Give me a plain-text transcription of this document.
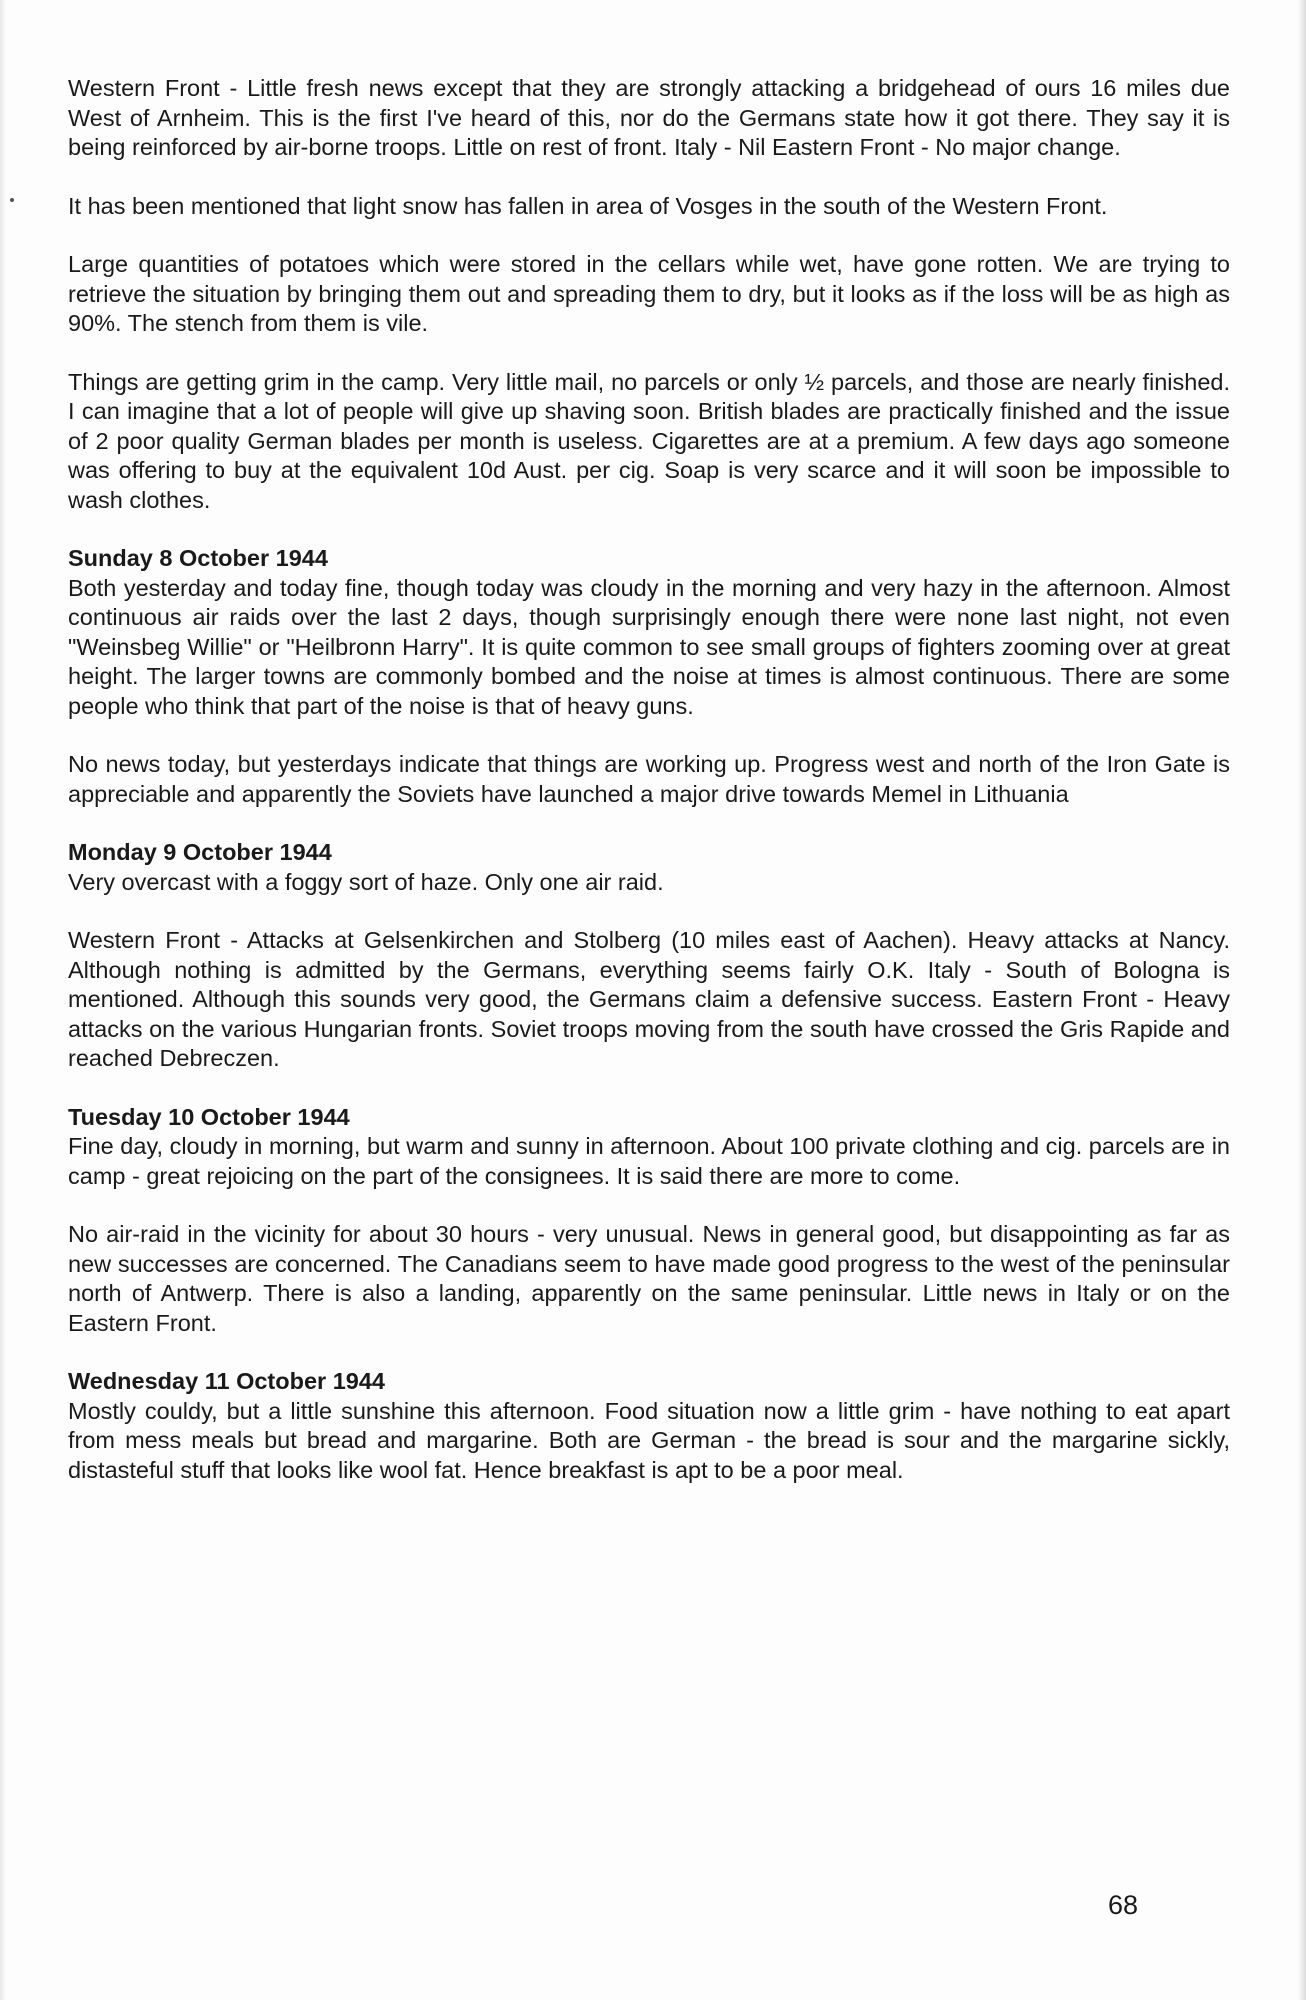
Western Front - Little fresh news except that they are strongly attacking a bridgehead of ours 16 miles due West of Arnheim. This is the first I've heard of this, nor do the Germans state how it got there. They say it is being reinforced by air-borne troops. Little on rest of front. Italy - Nil Eastern Front - No major change.

It has been mentioned that light snow has fallen in area of Vosges in the south of the Western Front.

Large quantities of potatoes which were stored in the cellars while wet, have gone rotten. We are trying to retrieve the situation by bringing them out and spreading them to dry, but it looks as if the loss will be as high as 90%. The stench from them is vile.

Things are getting grim in the camp. Very little mail, no parcels or only ½ parcels, and those are nearly finished. I can imagine that a lot of people will give up shaving soon. British blades are practically finished and the issue of 2 poor quality German blades per month is useless. Cigarettes are at a premium. A few days ago someone was offering to buy at the equivalent 10d Aust. per cig. Soap is very scarce and it will soon be impossible to wash clothes.

Sunday 8 October 1944

Both yesterday and today fine, though today was cloudy in the morning and very hazy in the afternoon. Almost continuous air raids over the last 2 days, though surprisingly enough there were none last night, not even "Weinsbeg Willie" or "Heilbronn Harry". It is quite common to see small groups of fighters zooming over at great height. The larger towns are commonly bombed and the noise at times is almost continuous. There are some people who think that part of the noise is that of heavy guns.

No news today, but yesterdays indicate that things are working up. Progress west and north of the Iron Gate is appreciable and apparently the Soviets have launched a major drive towards Memel in Lithuania

Monday 9 October 1944

Very overcast with a foggy sort of haze. Only one air raid.

Western Front - Attacks at Gelsenkirchen and Stolberg (10 miles east of Aachen). Heavy attacks at Nancy. Although nothing is admitted by the Germans, everything seems fairly O.K. Italy - South of Bologna is mentioned. Although this sounds very good, the Germans claim a defensive success. Eastern Front - Heavy attacks on the various Hungarian fronts. Soviet troops moving from the south have crossed the Gris Rapide and reached Debreczen.

Tuesday 10 October 1944

Fine day, cloudy in morning, but warm and sunny in afternoon. About 100 private clothing and cig. parcels are in camp - great rejoicing on the part of the consignees. It is said there are more to come.

No air-raid in the vicinity for about 30 hours - very unusual. News in general good, but disappointing as far as new successes are concerned. The Canadians seem to have made good progress to the west of the peninsular north of Antwerp. There is also a landing, apparently on the same peninsular. Little news in Italy or on the Eastern Front.

Wednesday 11 October 1944

Mostly couldy, but a little sunshine this afternoon. Food situation now a little grim - have nothing to eat apart from mess meals but bread and margarine. Both are German - the bread is sour and the margarine sickly, distasteful stuff that looks like wool fat. Hence breakfast is apt to be a poor meal.

68
